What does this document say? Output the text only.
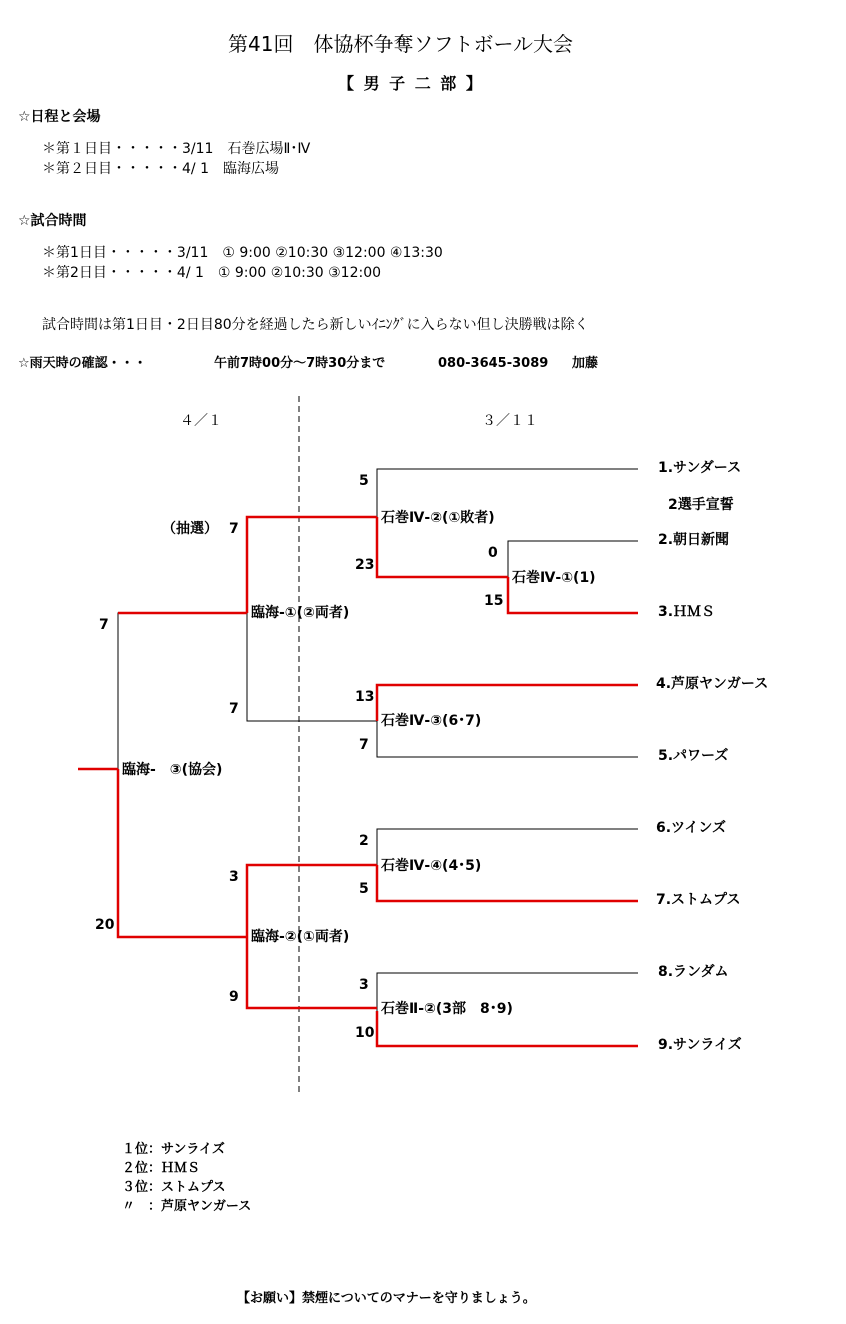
第41回　体協杯争奪ソフトボール大会
【 男 子 二 部 】
☆日程と会場
＊第１日目・・・・・3/11　石巻広場Ⅱ･Ⅳ
＊第２日目・・・・・4/ 1　臨海広場
☆試合時間
＊第1日目・・・・・3/11　① 9:00 ②10:30 ③12:00 ④13:30
＊第2日目・・・・・4/ 1　① 9:00 ②10:30 ③12:00
試合時間は第1日目・2日目80分を経過したら新しいｲﾆﾝｸﾞに入らない但し決勝戦は除く
☆雨天時の確認・・・	午前7時00分～7時30分まで	080-3645-3089 加藤
４／１	３／１１
1.サンダース
2選手宣誓
2.朝日新聞
3.ＨＭＳ
4.芦原ヤンガース
5.パワーズ
6.ツインズ
7.ストムプス
8.ランダム
9.サンライズ
石巻Ⅳ-①(1)
石巻Ⅳ-②(①敗者)
石巻Ⅳ-③(6･7)
石巻Ⅳ-④(4･5)
石巻Ⅱ-②(3部　8･9)
臨海-①(②両者)
臨海-②(①両者)
臨海-　③(協会)
0
15
5
23
13
7
2
5
3
10
（抽選） 7
7
3
9
7
20
１位：サンライズ
２位：ＨＭＳ
３位：ストムプス
〃　：芦原ヤンガース
【お願い】禁煙についてのマナーを守りましょう。
